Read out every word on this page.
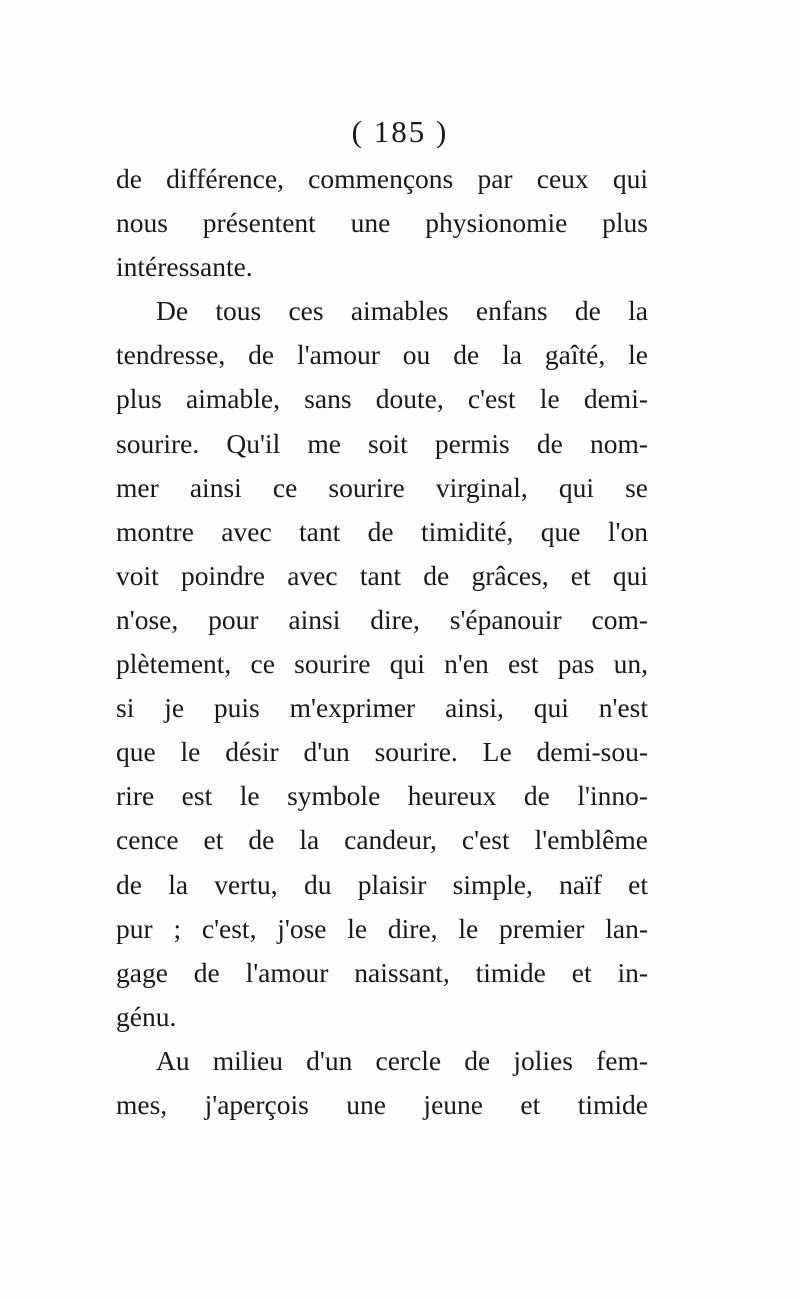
( 185 )
de différence, commençons par ceux qui
nous présentent une physionomie plus
intéressante.
De tous ces aimables enfans de la
tendresse, de l'amour ou de la gaîté, le
plus aimable, sans doute, c'est le demi-
sourire. Qu'il me soit permis de nom-
mer ainsi ce sourire virginal, qui se
montre avec tant de timidité, que l'on
voit poindre avec tant de grâces, et qui
n'ose, pour ainsi dire, s'épanouir com-
plètement, ce sourire qui n'en est pas un,
si je puis m'exprimer ainsi, qui n'est
que le désir d'un sourire. Le demi-sou-
rire est le symbole heureux de l'inno-
cence et de la candeur, c'est l'emblême
de la vertu, du plaisir simple, naïf et
pur ; c'est, j'ose le dire, le premier lan-
gage de l'amour naissant, timide et in-
génu.
Au milieu d'un cercle de jolies fem-
mes, j'aperçois une jeune et timide
